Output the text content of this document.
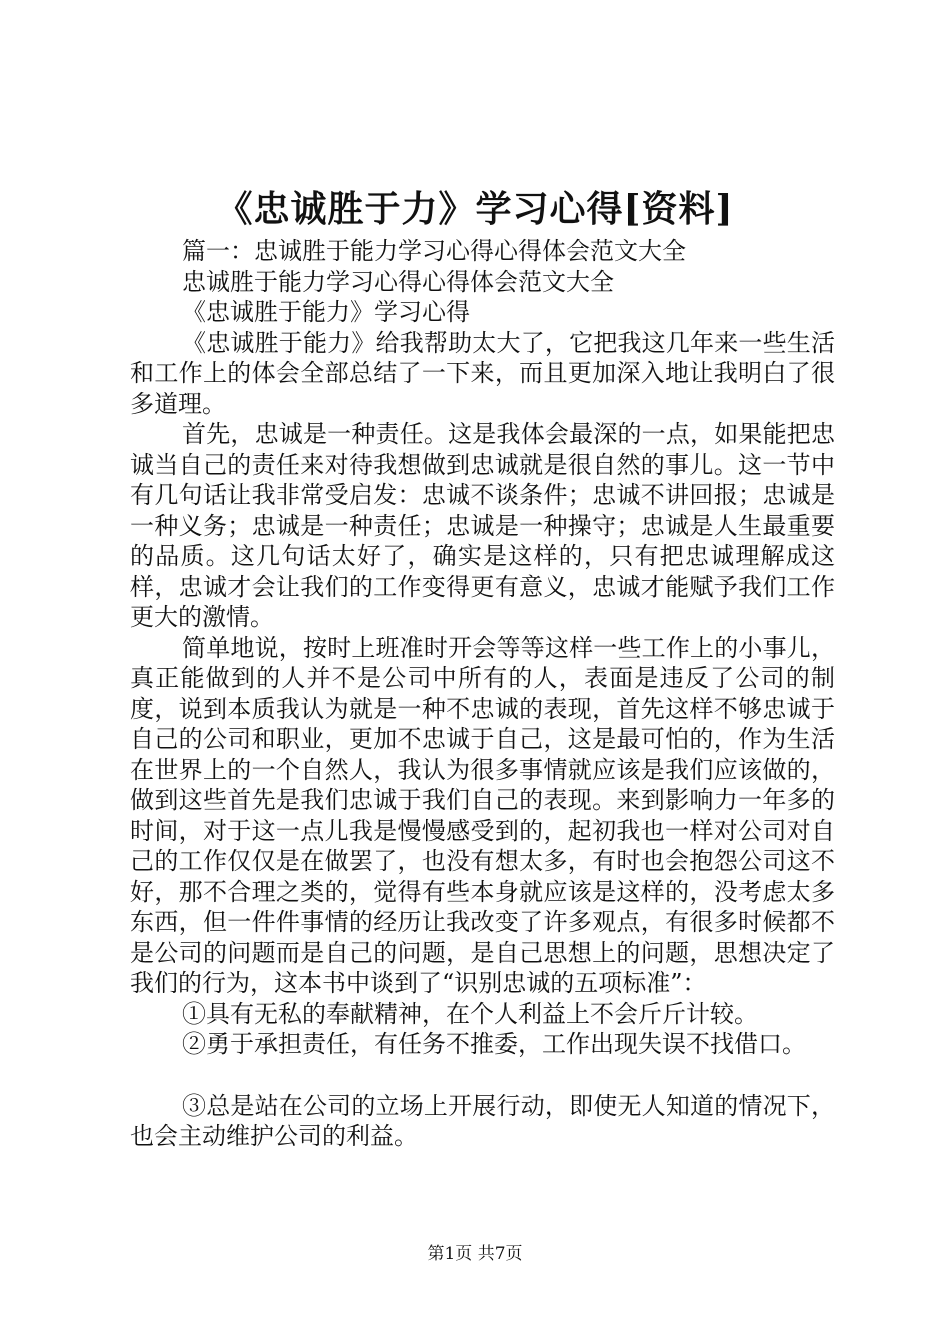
《忠诚胜于力》学习心得[资料]
篇一：忠诚胜于能力学习心得心得体会范文大全
忠诚胜于能力学习心得心得体会范文大全
《忠诚胜于能力》学习心得
《忠诚胜于能力》给我帮助太大了，它把我这几年来一些生活和工作上的体会全部总结了一下来，而且更加深入地让我明白了很多道理。
首先，忠诚是一种责任。这是我体会最深的一点，如果能把忠诚当自己的责任来对待我想做到忠诚就是很自然的事儿。这一节中有几句话让我非常受启发：忠诚不谈条件；忠诚不讲回报；忠诚是一种义务；忠诚是一种责任；忠诚是一种操守；忠诚是人生最重要的品质。这几句话太好了，确实是这样的，只有把忠诚理解成这样，忠诚才会让我们的工作变得更有意义，忠诚才能赋予我们工作更大的激情。
简单地说，按时上班准时开会等等这样一些工作上的小事儿，真正能做到的人并不是公司中所有的人，表面是违反了公司的制度，说到本质我认为就是一种不忠诚的表现，首先这样不够忠诚于自己的公司和职业，更加不忠诚于自己，这是最可怕的，作为生活在世界上的一个自然人，我认为很多事情就应该是我们应该做的，做到这些首先是我们忠诚于我们自己的表现。来到影响力一年多的时间，对于这一点儿我是慢慢感受到的，起初我也一样对公司对自己的工作仅仅是在做罢了，也没有想太多，有时也会抱怨公司这不好，那不合理之类的，觉得有些本身就应该是这样的，没考虑太多东西，但一件件事情的经历让我改变了许多观点，有很多时候都不是公司的问题而是自己的问题，是自己思想上的问题，思想决定了我们的行为，这本书中谈到了“识别忠诚的五项标准”：
①具有无私的奉献精神，在个人利益上不会斤斤计较。
②勇于承担责任，有任务不推委，工作出现失误不找借口。
③总是站在公司的立场上开展行动，即使无人知道的情况下，也会主动维护公司的利益。
第1页 共7页
